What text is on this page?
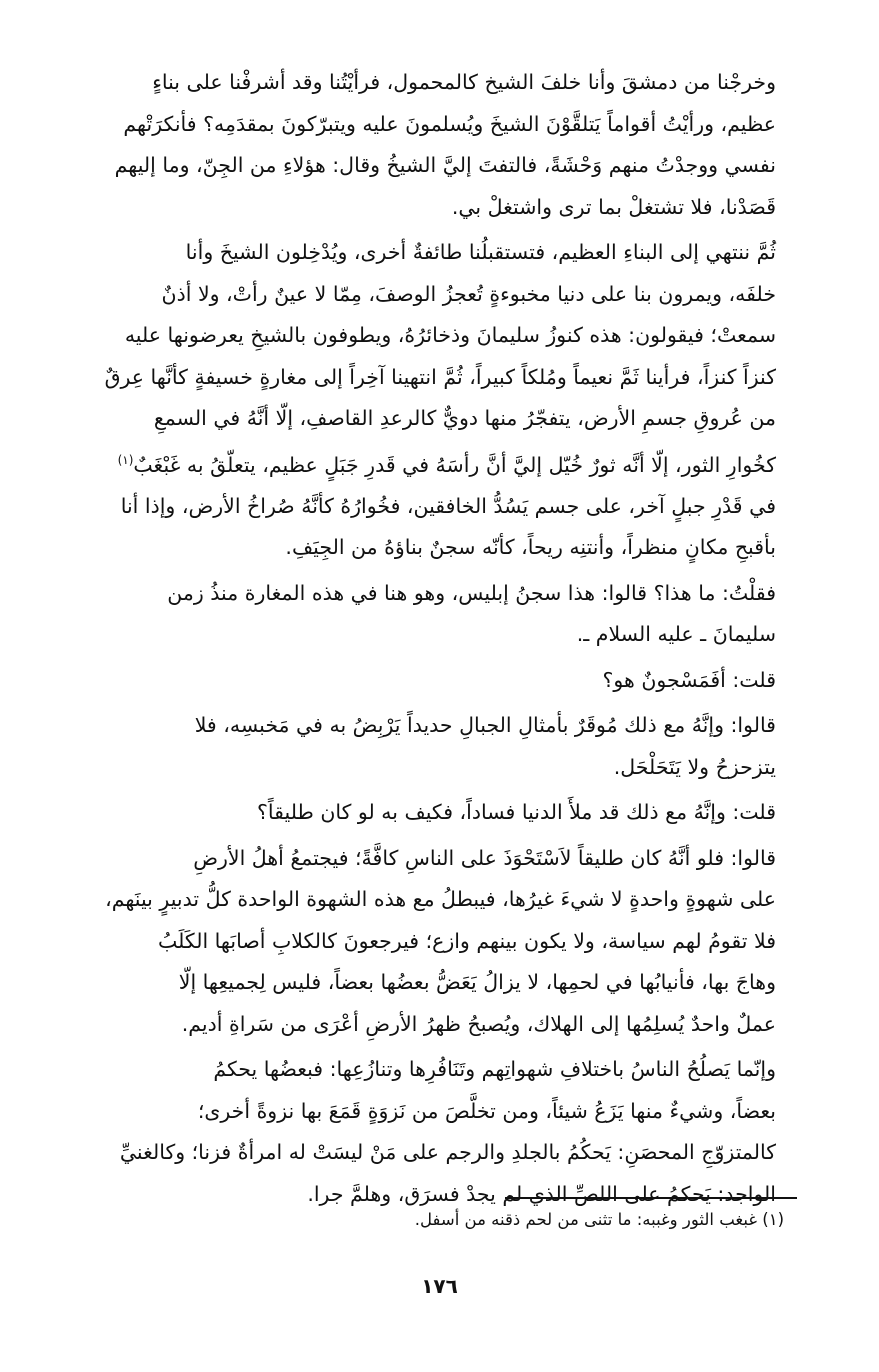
وخرجْنا من دمشقَ وأنا خلفَ الشيخ كالمحمول، فرأيْتُنا وقد أشرفْنا على بناءٍ
عظيم، ورأيْتُ أقواماً يَتلقَّوْنَ الشيخَ ويُسلمونَ عليه ويتبرّكونَ بمقدَمِه؟ فأنكرَتْهم
نفسي ووجدْتُ منهم وَحْشَةً، فالتفتَ إليَّ الشيخُ وقال: هؤلاءِ من الجِنّ، وما إليهم
قَصَدْنا، فلا تشتغلْ بما ترى واشتغلْ بي.

ثُمَّ ننتهي إلى البناءِ العظيم، فتستقبلُنا طائفةٌ أخرى، ويُدْخِلون الشيخَ وأنا
خلفَه، ويمرون بنا على دنيا مخبوءةٍ تُعجزُ الوصفَ، مِمّا لا عينٌ رأتْ، ولا أذنٌ
سمعتْ؛ فيقولون: هذه كنوزُ سليمانَ وذخائرُهُ، ويطوفون بالشيخِ يعرضونها عليه
كنزاً كنزاً، فرأينا ثَمَّ نعيماً ومُلكاً كبيراً، ثُمَّ انتهينا آخِراً إلى مغارةٍ خسيفةٍ كأنَّها عِرقٌ
من عُروقِ جسمِ الأرض، يتفجّرُ منها دويٌّ كالرعدِ القاصفِ، إلّا أنَّهُ في السمعِ
كخُوارِ الثور، إلّا أنَّه ثورٌ خُيّل إليَّ أنَّ رأسَهُ في قَدرِ جَبَلٍ عظيم، يتعلّقُ به غَبْغَبٌ$^{(١)}$
في قَدْرِ جبلٍ آخر، على جسم يَسُدُّ الخافقين، فخُوارُهُ كأنَّهُ صُراخُ الأرض، وإذا أنا
بأقبحِ مكانٍ منظراً، وأنتنِه ريحاً، كأنّه سجنٌ بناؤهُ من الجِيَفِ.

فقلْتُ: ما هذا؟ قالوا: هذا سجنُ إبليس، وهو هنا في هذه المغارة منذُ زمن
سليمانَ ـ عليه السلام ـ.

قلت: أفَمَسْجونٌ هو؟

قالوا: وإنَّهُ مع ذلك مُوقَرٌ بأمثالِ الجبالِ حديداً يَرْبِضُ به في مَخبسِه، فلا
يتزحزحُ ولا يَتَحَلْحَل.

قلت: وإنَّهُ مع ذلك قد ملأَ الدنيا فساداً، فكيف به لو كان طليقاً؟

قالوا: فلو أنَّهُ كان طليقاً لاَسْتَحْوَذَ على الناسِ كافَّةً؛ فيجتمعُ أهلُ الأرضِ
على شهوةٍ واحدةٍ لا شيءَ غيرُها، فيبطلُ مع هذه الشهوة الواحدة كلُّ تدبيرٍ بينَهم،
فلا تقومُ لهم سياسة، ولا يكون بينهم وازع؛ فيرجعونَ كالكلابِ أصابَها الكَلَبُ
وهاجَ بها، فأنيابُها في لحمِها، لا يزالُ يَعَضُّ بعضُها بعضاً، فليس لِجميعِها إلّا
عملٌ واحدٌ يُسلِمُها إلى الهلاك، ويُصبحُ ظهرُ الأرضِ أعْرَى من سَراةِ أديم.

وإنّما يَصلُحُ الناسُ باختلافِ شهواتِهم وتَنَافُرِها وتنازُعِها: فبعضُها يحكمُ
بعضاً، وشيءٌ منها يَزَعُ شيئاً، ومن تخلَّصَ من نَزوَةٍ قَمَعَ بها نزوةً أخرى؛
كالمتزوّجِ المحصَنِ: يَحكُمُ بالجلدِ والرجم على مَنْ ليسَتْ له امرأةٌ فزنا؛ وكالغنيِّ
الواجد: يَحكمُ على اللصِّ الذي لم يجدْ فسرَق، وهلمَّ جرا.

(١) غبغب الثور وغببه: ما تثنى من لحم ذقنه من أسفل.
١٧٦
